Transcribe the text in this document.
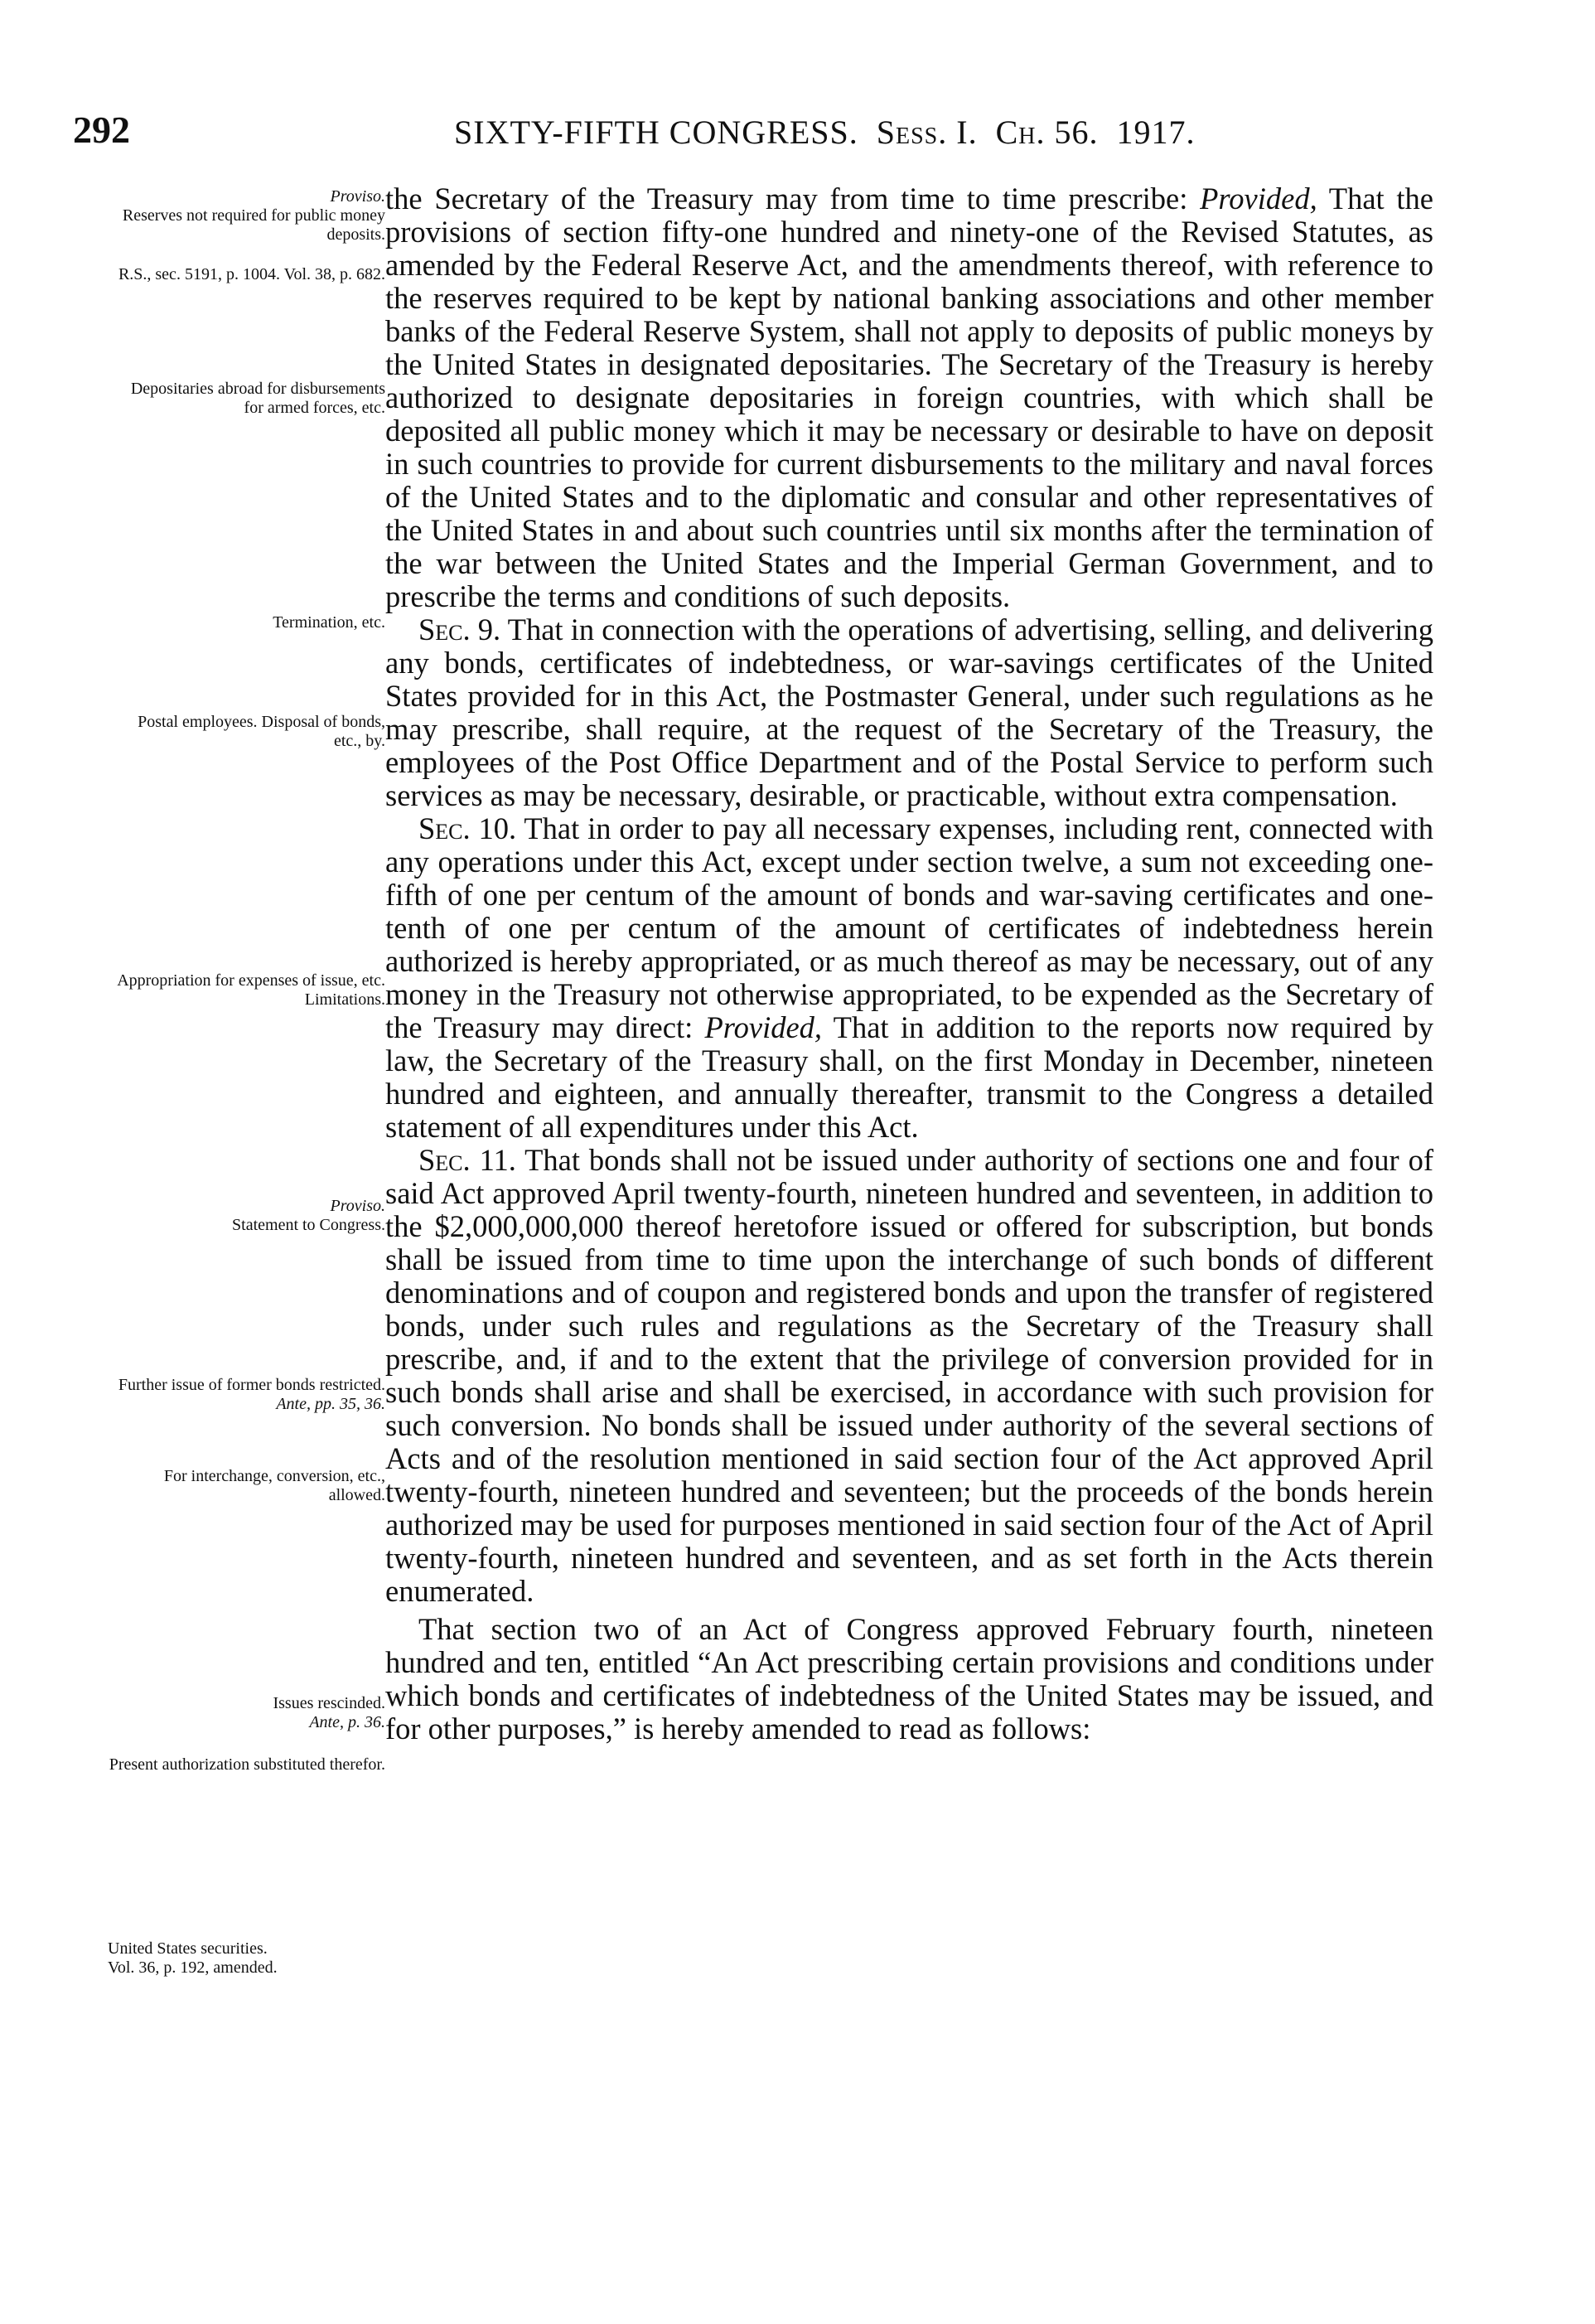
292	SIXTY-FIFTH CONGRESS. Sess. I. Ch. 56. 1917.
Proviso.
Reserves not required for public money deposits.
R.S., sec. 5191, p. 1004. Vol. 38, p. 682.
Depositaries abroad for disbursements for armed forces, etc.
Termination, etc.
Postal employees. Disposal of bonds, etc., by.
Appropriation for expenses of issue, etc. Limitations.
Proviso.
Statement to Congress.
Further issue of former bonds restricted.
Ante, pp. 35, 36.
For interchange, conversion, etc., allowed.
Issues rescinded.
Ante, p. 36.
Present authorization substituted therefor.
United States securities.
Vol. 36, p. 192, amended.

the Secretary of the Treasury may from time to time prescribe: Provided, That the provisions of section fifty-one hundred and ninety-one of the Revised Statutes, as amended by the Federal Reserve Act, and the amendments thereof, with reference to the reserves required to be kept by national banking associations and other member banks of the Federal Reserve System, shall not apply to deposits of public moneys by the United States in designated depositaries. The Secretary of the Treasury is hereby authorized to designate depositaries in foreign countries, with which shall be deposited all public money which it may be necessary or desirable to have on deposit in such countries to provide for current disbursements to the military and naval forces of the United States and to the diplomatic and consular and other representatives of the United States in and about such countries until six months after the termination of the war between the United States and the Imperial German Government, and to prescribe the terms and conditions of such deposits.

Sec. 9. That in connection with the operations of advertising, selling, and delivering any bonds, certificates of indebtedness, or war-savings certificates of the United States provided for in this Act, the Postmaster General, under such regulations as he may prescribe, shall require, at the request of the Secretary of the Treasury, the employees of the Post Office Department and of the Postal Service to perform such services as may be necessary, desirable, or practicable, without extra compensation.

Sec. 10. That in order to pay all necessary expenses, including rent, connected with any operations under this Act, except under section twelve, a sum not exceeding one-fifth of one per centum of the amount of bonds and war-saving certificates and one-tenth of one per centum of the amount of certificates of indebtedness herein authorized is hereby appropriated, or as much thereof as may be necessary, out of any money in the Treasury not otherwise appropriated, to be expended as the Secretary of the Treasury may direct: Provided, That in addition to the reports now required by law, the Secretary of the Treasury shall, on the first Monday in December, nineteen hundred and eighteen, and annually thereafter, transmit to the Congress a detailed statement of all expenditures under this Act.

Sec. 11. That bonds shall not be issued under authority of sections one and four of said Act approved April twenty-fourth, nineteen hundred and seventeen, in addition to the $2,000,000,000 thereof heretofore issued or offered for subscription, but bonds shall be issued from time to time upon the interchange of such bonds of different denominations and of coupon and registered bonds and upon the transfer of registered bonds, under such rules and regulations as the Secretary of the Treasury shall prescribe, and, if and to the extent that the privilege of conversion provided for in such bonds shall arise and shall be exercised, in accordance with such provision for such conversion. No bonds shall be issued under authority of the several sections of Acts and of the resolution mentioned in said section four of the Act approved April twenty-fourth, nineteen hundred and seventeen; but the proceeds of the bonds herein authorized may be used for purposes mentioned in said section four of the Act of April twenty-fourth, nineteen hundred and seventeen, and as set forth in the Acts therein enumerated.

That section two of an Act of Congress approved February fourth, nineteen hundred and ten, entitled “An Act prescribing certain provisions and conditions under which bonds and certificates of indebtedness of the United States may be issued, and for other purposes,” is hereby amended to read as follows:
